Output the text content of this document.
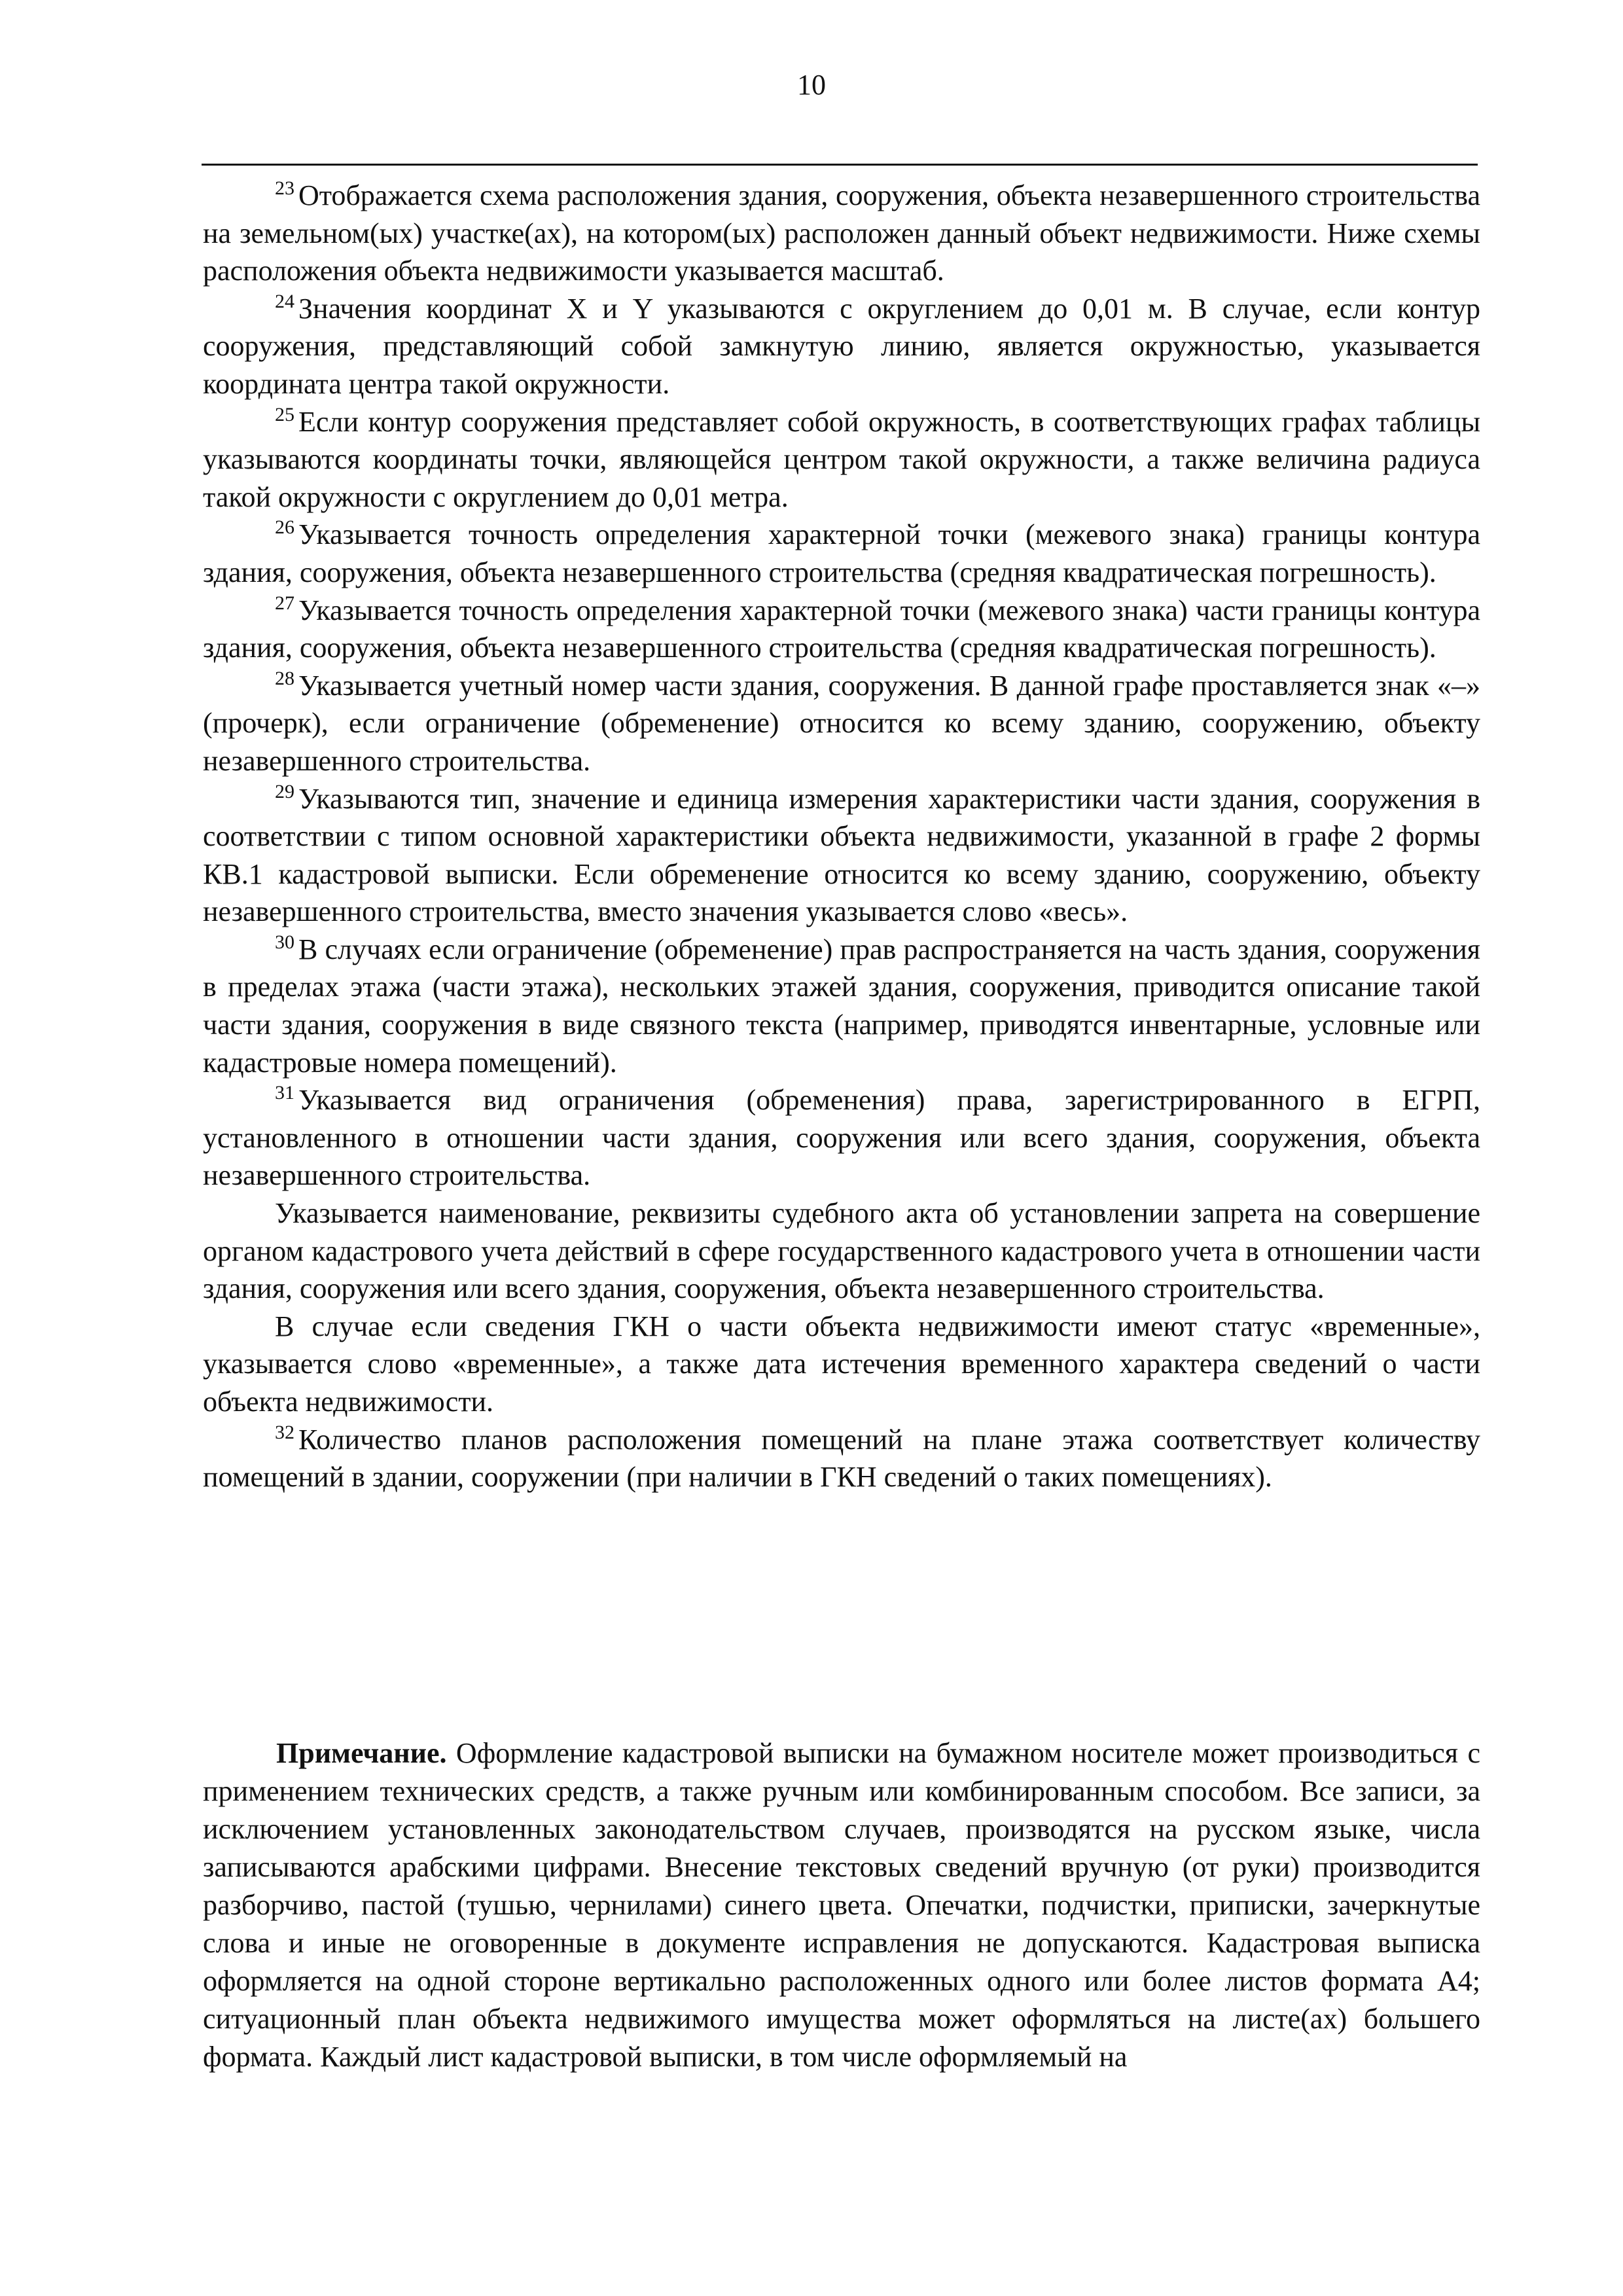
10

$^{23}$ Отображается схема расположения здания, сооружения, объекта незавершенного строительства на земельном(ых) участке(ах), на котором(ых) расположен данный объект недвижимости. Ниже схемы расположения объекта недвижимости указывается масштаб.

$^{24}$ Значения координат X и Y указываются с округлением до 0,01 м. В случае, если контур сооружения, представляющий собой замкнутую линию, является окружностью, указывается координата центра такой окружности.

$^{25}$ Если контур сооружения представляет собой окружность, в соответствующих графах таблицы указываются координаты точки, являющейся центром такой окружности, а также величина радиуса такой окружности с округлением до 0,01 метра.

$^{26}$ Указывается точность определения характерной точки (межевого знака) границы контура здания, сооружения, объекта незавершенного строительства (средняя квадратическая погрешность).

$^{27}$ Указывается точность определения характерной точки (межевого знака) части границы контура здания, сооружения, объекта незавершенного строительства (средняя квадратическая погрешность).

$^{28}$ Указывается учетный номер части здания, сооружения. В данной графе проставляется знак «–» (прочерк), если ограничение (обременение) относится ко всему зданию, сооружению, объекту незавершенного строительства.

$^{29}$ Указываются тип, значение и единица измерения характеристики части здания, сооружения в соответствии с типом основной характеристики объекта недвижимости, указанной в графе 2 формы КВ.1 кадастровой выписки. Если обременение относится ко всему зданию, сооружению, объекту незавершенного строительства, вместо значения указывается слово «весь».

$^{30}$ В случаях если ограничение (обременение) прав распространяется на часть здания, сооружения в пределах этажа (части этажа), нескольких этажей здания, сооружения, приводится описание такой части здания, сооружения в виде связного текста (например, приводятся инвентарные, условные или кадастровые номера помещений).

$^{31}$ Указывается вид ограничения (обременения) права, зарегистрированного в ЕГРП, установленного в отношении части здания, сооружения или всего здания, сооружения, объекта незавершенного строительства.

Указывается наименование, реквизиты судебного акта об установлении запрета на совершение органом кадастрового учета действий в сфере государственного кадастрового учета в отношении части здания, сооружения или всего здания, сооружения, объекта незавершенного строительства.

В случае если сведения ГКН о части объекта недвижимости имеют статус «временные», указывается слово «временные», а также дата истечения временного характера сведений о части объекта недвижимости.

$^{32}$ Количество планов расположения помещений на плане этажа соответствует количеству помещений в здании, сооружении (при наличии в ГКН сведений о таких помещениях).

Примечание. Оформление кадастровой выписки на бумажном носителе может производиться с применением технических средств, а также ручным или комбинированным способом. Все записи, за исключением установленных законодательством случаев, производятся на русском языке, числа записываются арабскими цифрами. Внесение текстовых сведений вручную (от руки) производится разборчиво, пастой (тушью, чернилами) синего цвета. Опечатки, подчистки, приписки, зачеркнутые слова и иные не оговоренные в документе исправления не допускаются. Кадастровая выписка оформляется на одной стороне вертикально расположенных одного или более листов формата А4; ситуационный план объекта недвижимого имущества может оформляться на листе(ах) большего формата. Каждый лист кадастровой выписки, в том числе оформляемый на
